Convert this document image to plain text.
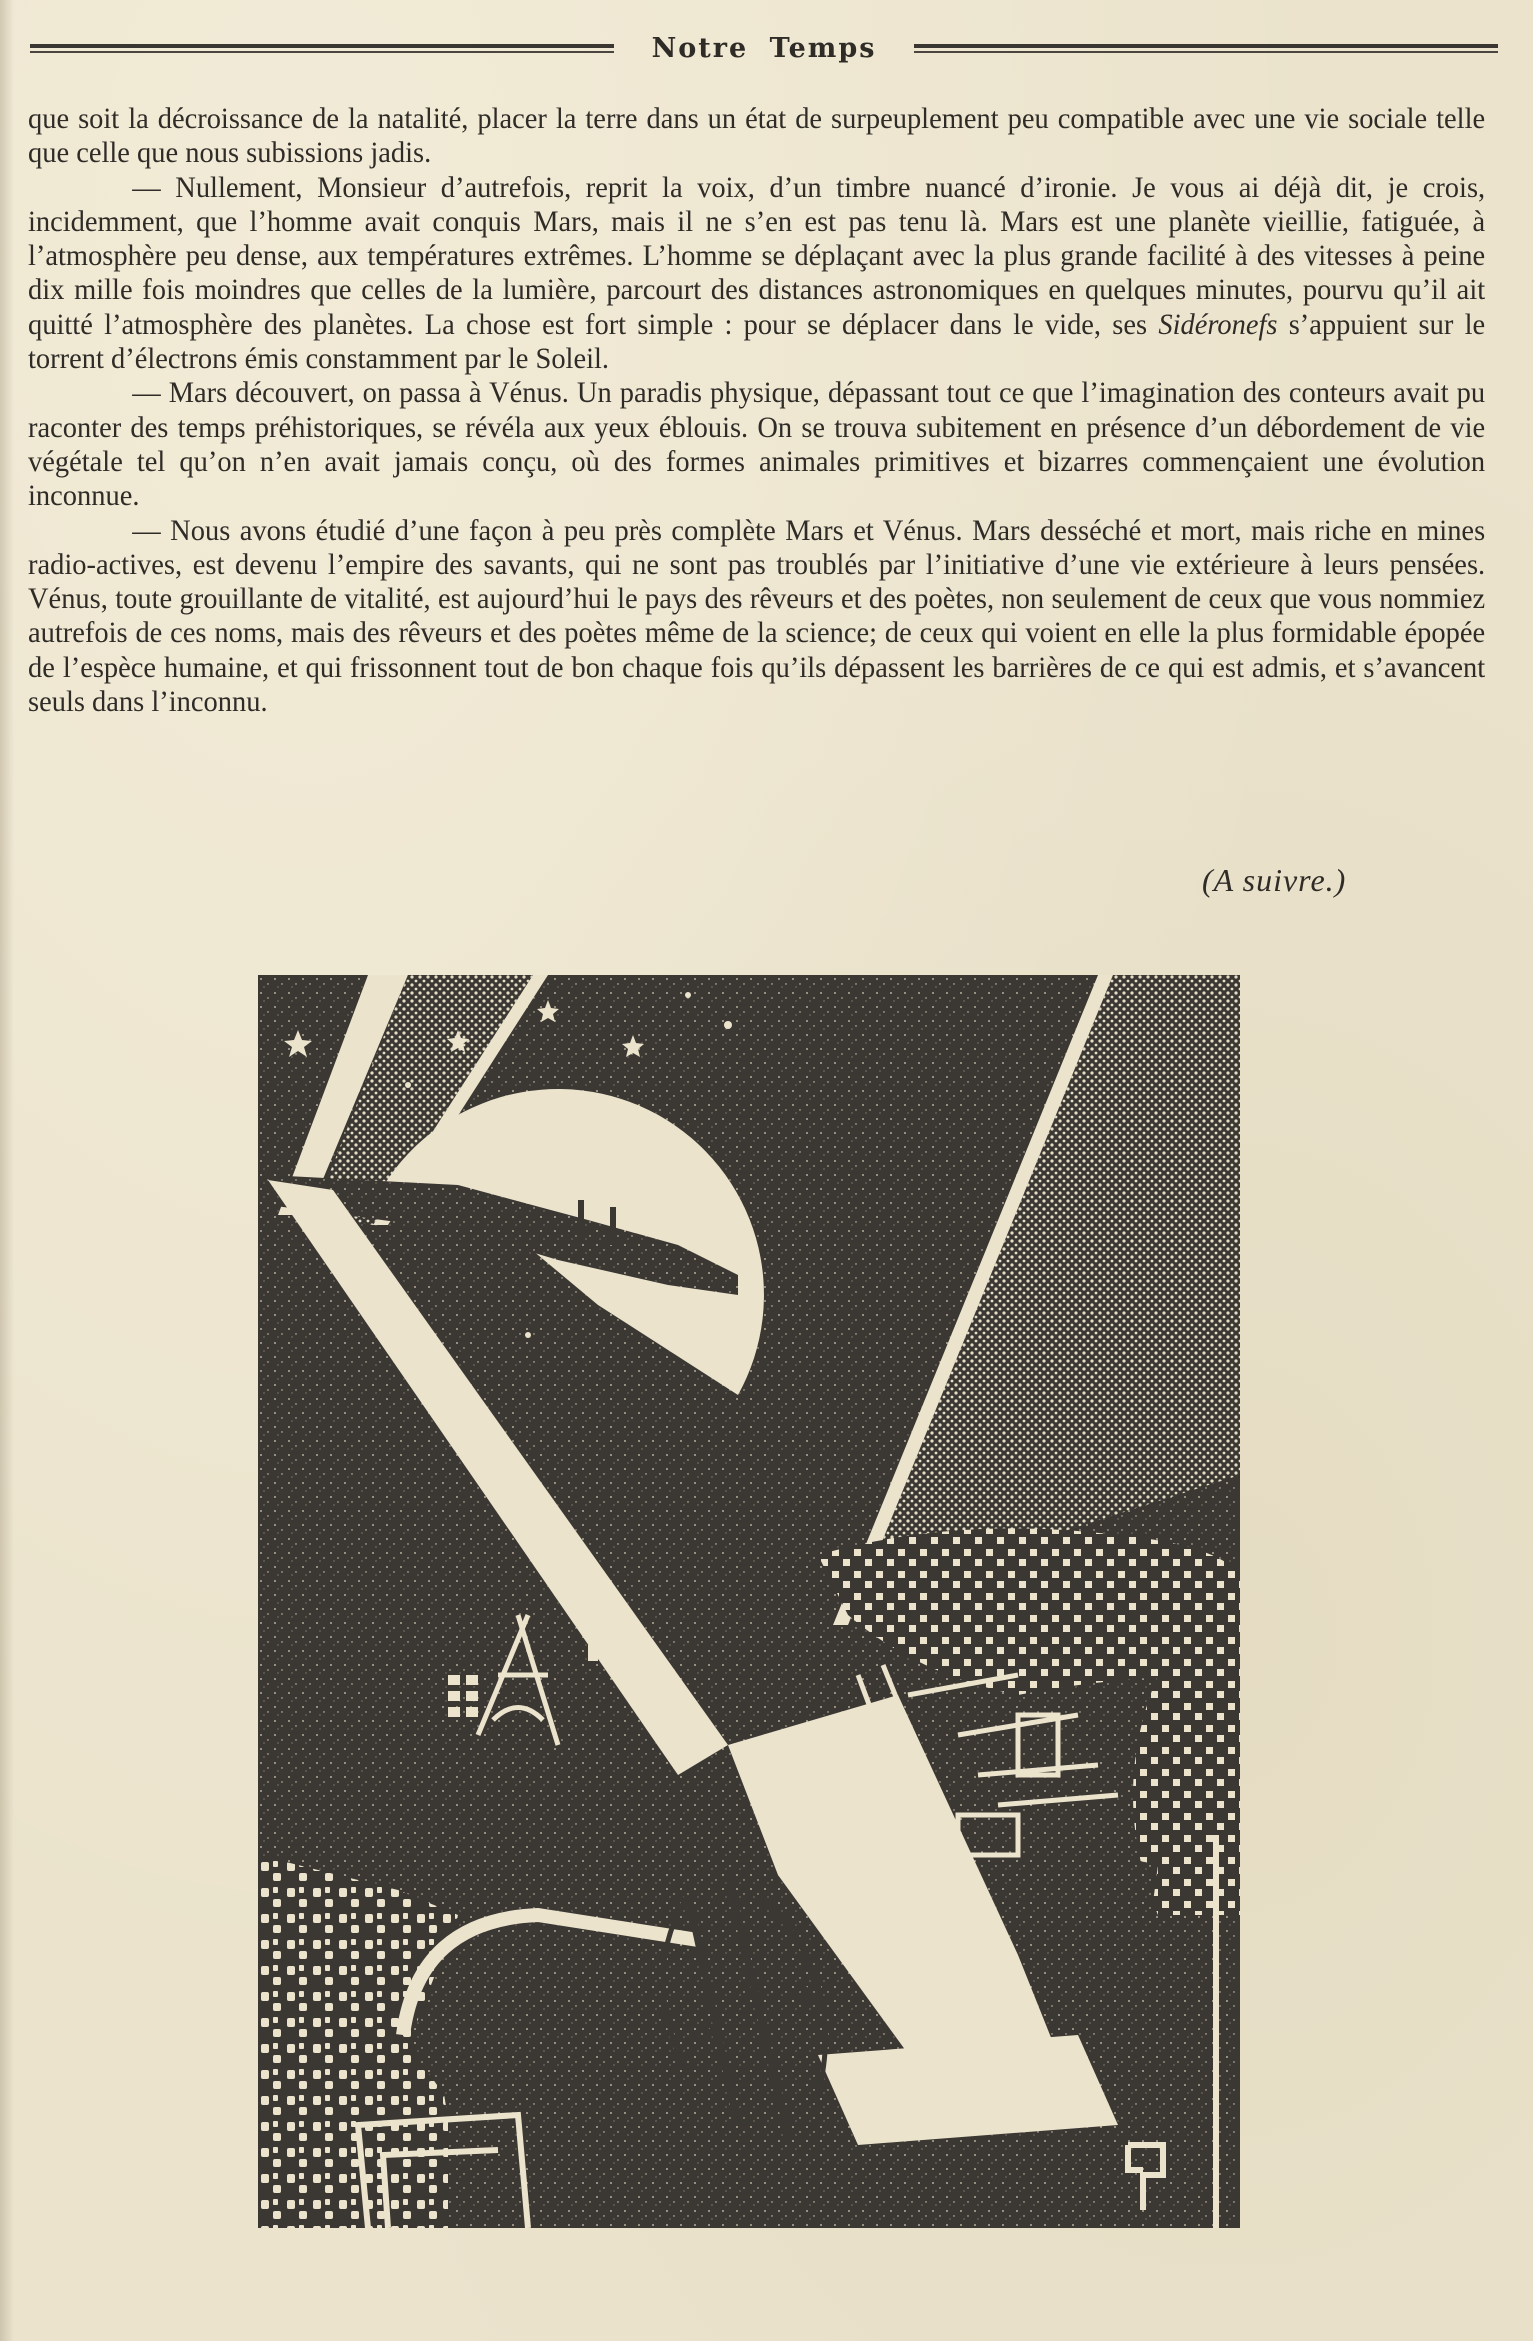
Notre Temps

que soit la décroissance de la natalité, placer la terre dans un état de surpeuplement peu compatible avec une vie sociale telle que celle que nous subissions jadis.

— Nullement, Monsieur d’autrefois, reprit la voix, d’un timbre nuancé d’ironie. Je vous ai déjà dit, je crois, incidemment, que l’homme avait conquis Mars, mais il ne s’en est pas tenu là. Mars est une planète vieillie, fatiguée, à l’atmosphère peu dense, aux températures extrêmes. L’homme se déplaçant avec la plus grande facilité à des vitesses à peine dix mille fois moindres que celles de la lumière, parcourt des distances astronomiques en quelques minutes, pourvu qu’il ait quitté l’atmosphère des planètes. La chose est fort simple : pour se déplacer dans le vide, ses Sidéronefs s’appuient sur le torrent d’électrons émis constamment par le Soleil.

— Mars découvert, on passa à Vénus. Un paradis physique, dépassant tout ce que l’imagination des conteurs avait pu raconter des temps préhistoriques, se révéla aux yeux éblouis. On se trouva subitement en présence d’un débordement de vie végétale tel qu’on n’en avait jamais conçu, où des formes animales primitives et bizarres commençaient une évolution inconnue.

— Nous avons étudié d’une façon à peu près complète Mars et Vénus. Mars desséché et mort, mais riche en mines radio-actives, est devenu l’empire des savants, qui ne sont pas troublés par l’initiative d’une vie extérieure à leurs pensées. Vénus, toute grouillante de vitalité, est aujourd’hui le pays des rêveurs et des poètes, non seulement de ceux que vous nommiez autrefois de ces noms, mais des rêveurs et des poètes même de la science; de ceux qui voient en elle la plus formidable épopée de l’espèce humaine, et qui frissonnent tout de bon chaque fois qu’ils dépassent les barrières de ce qui est admis, et s’avancent seuls dans l’inconnu.

(A suivre.)
